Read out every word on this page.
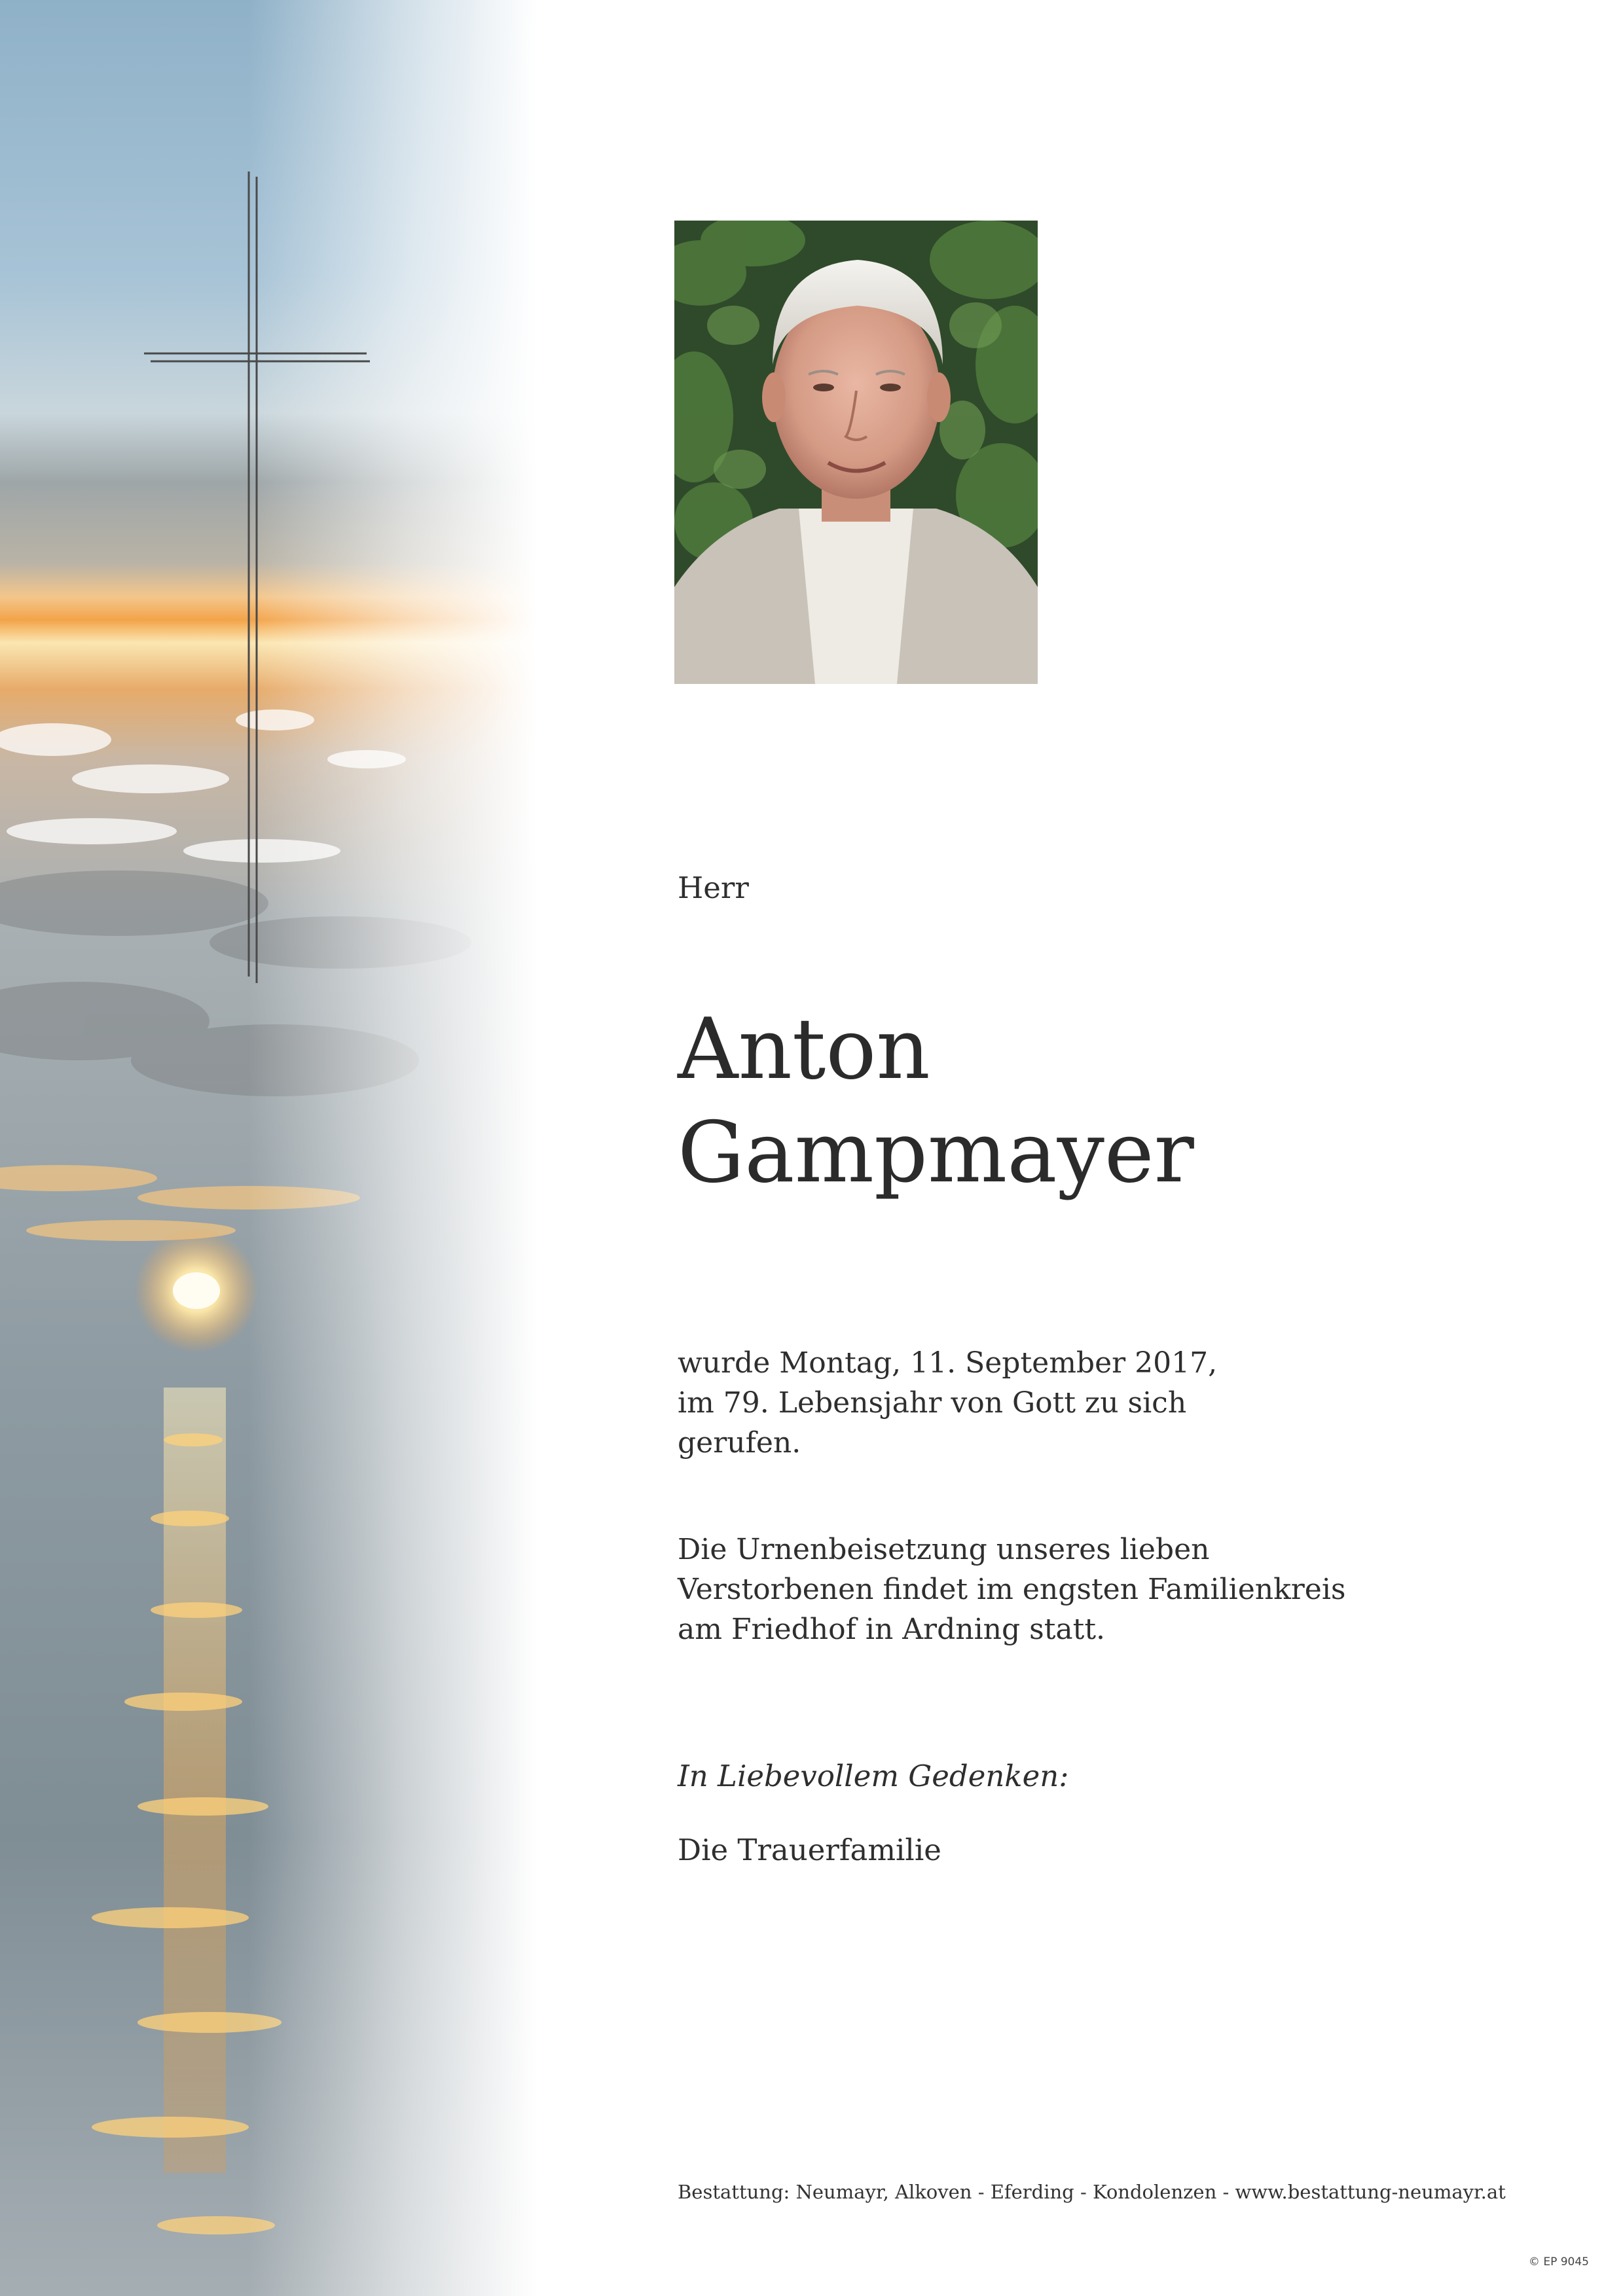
Herr
Anton
Gampmayer
wurde Montag, 11. September 2017,
im 79. Lebensjahr von Gott zu sich
gerufen.
Die Urnenbeisetzung unseres lieben
Verstorbenen findet im engsten Familienkreis
am Friedhof in Ardning statt.
In Liebevollem Gedenken:
Die Trauerfamilie
Bestattung: Neumayr, Alkoven - Eferding - Kondolenzen - www.bestattung-neumayr.at
© EP 9045
